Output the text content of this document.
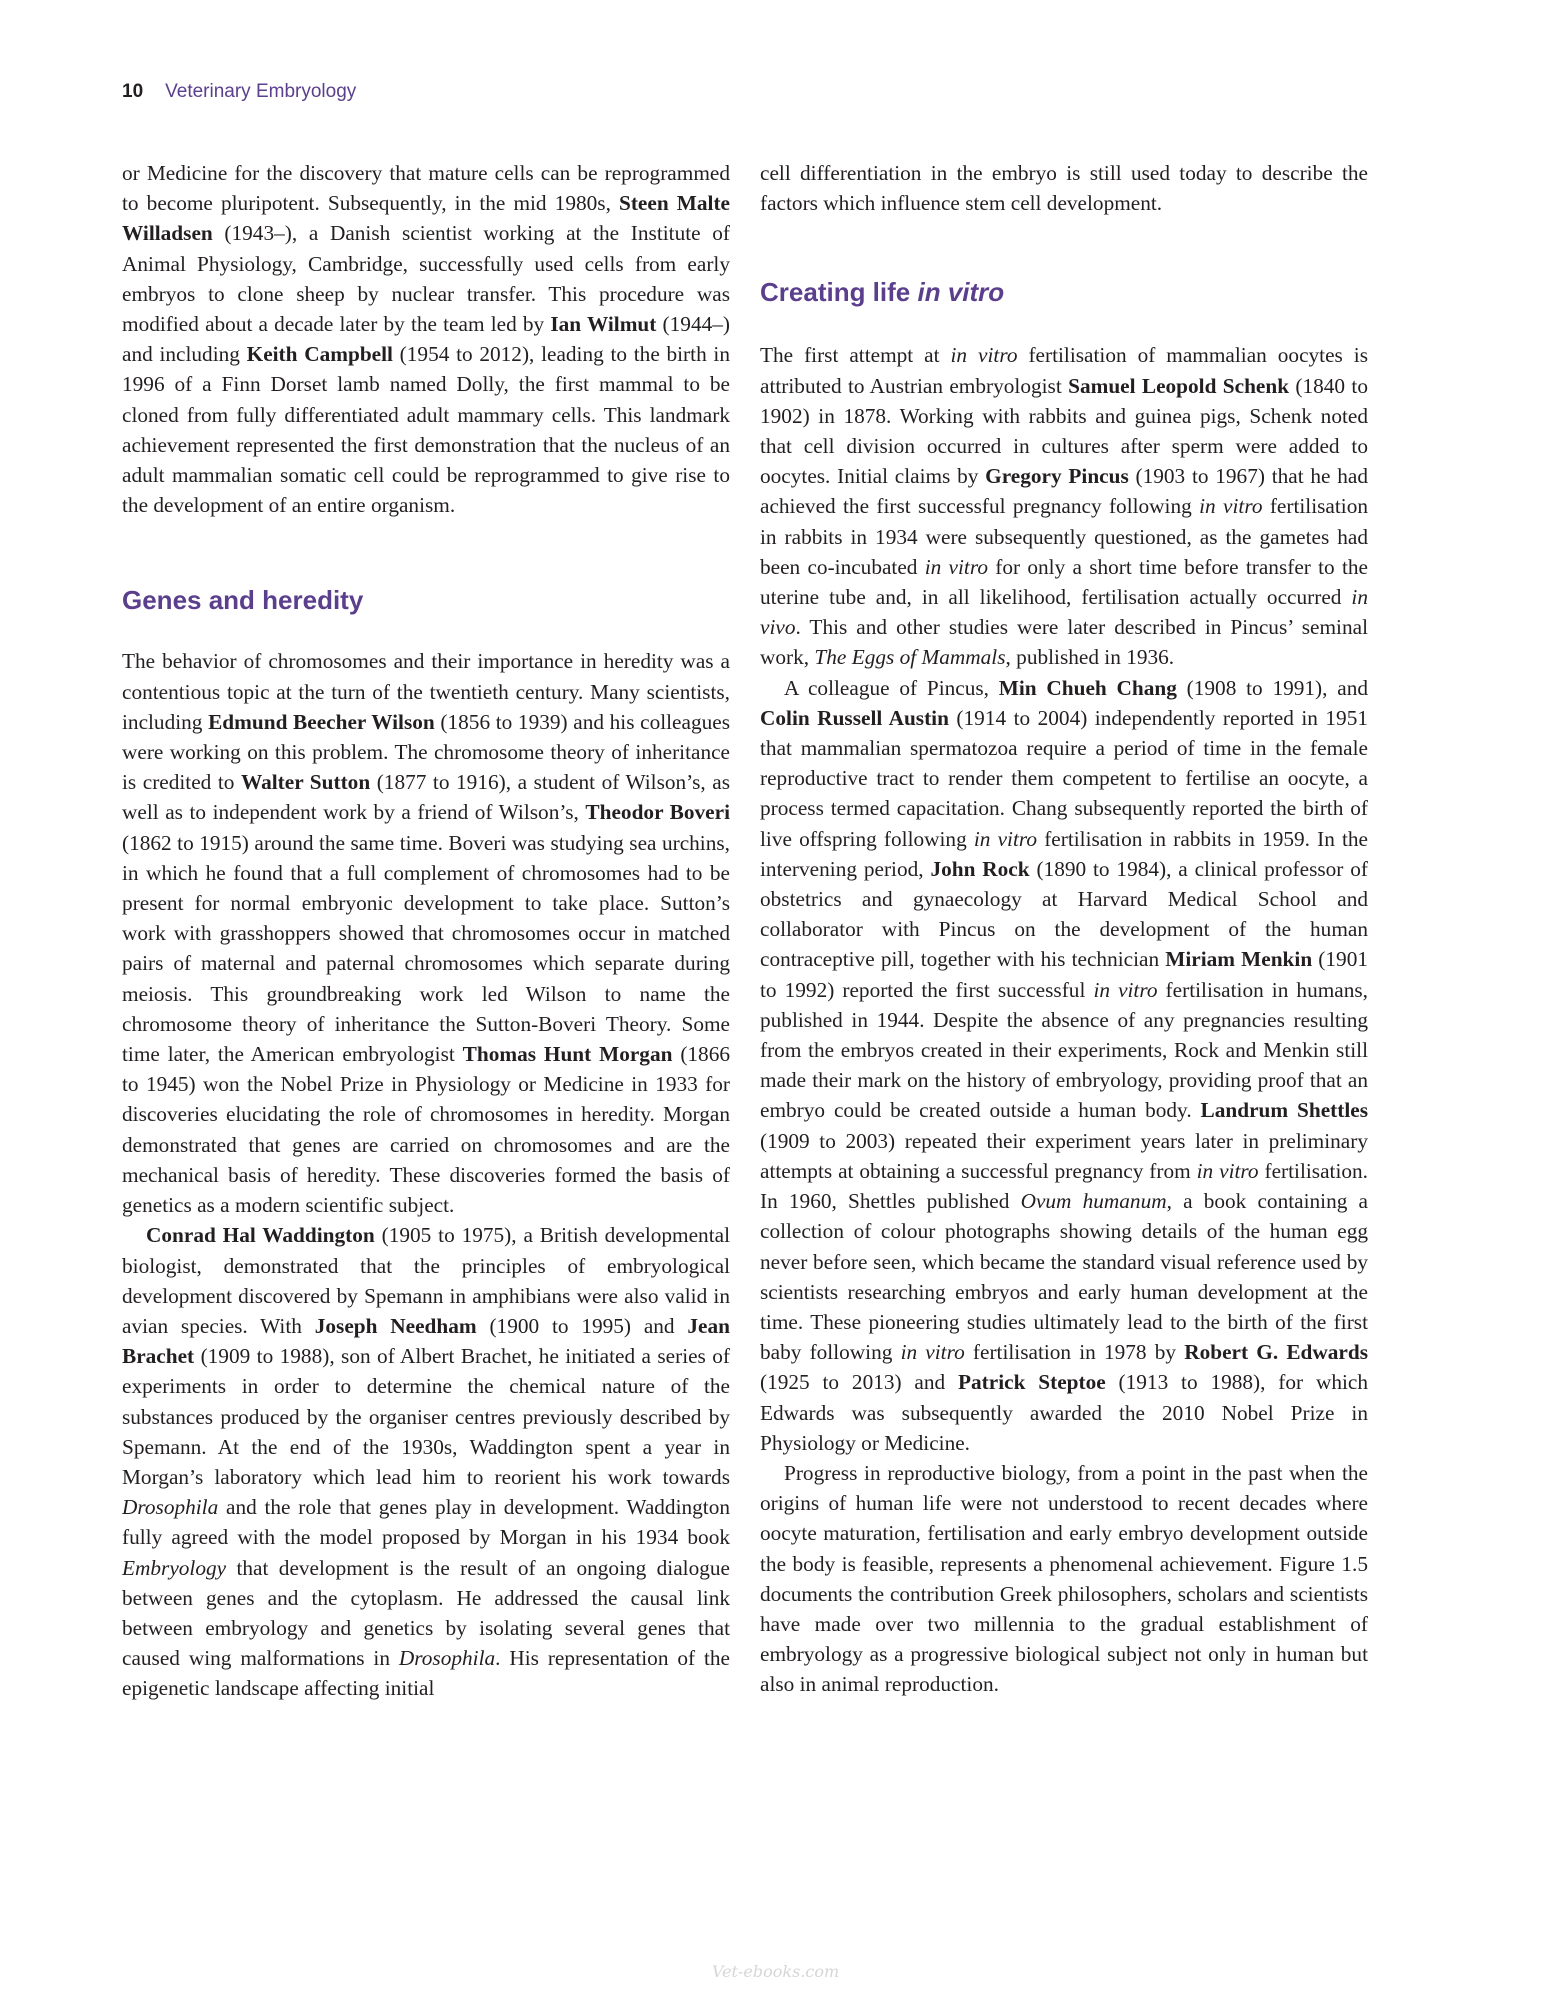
10 Veterinary Embryology

or Medicine for the discovery that mature cells can be reprogrammed to become pluripotent. Subsequently, in the mid 1980s, Steen Malte Willadsen (1943–), a Danish scientist working at the Institute of Animal Physiology, Cambridge, successfully used cells from early embryos to clone sheep by nuclear transfer. This procedure was modified about a decade later by the team led by Ian Wilmut (1944–) and including Keith Campbell (1954 to 2012), leading to the birth in 1996 of a Finn Dorset lamb named Dolly, the first mammal to be cloned from fully differentiated adult mammary cells. This landmark achievement represented the first demonstration that the nucleus of an adult mammalian somatic cell could be reprogrammed to give rise to the development of an entire organism.

Genes and heredity

The behavior of chromosomes and their importance in heredity was a contentious topic at the turn of the twentieth century. Many scientists, including Edmund Beecher Wilson (1856 to 1939) and his colleagues were working on this problem. The chromosome theory of inheritance is credited to Walter Sutton (1877 to 1916), a student of Wilson’s, as well as to independent work by a friend of Wilson’s, Theodor Boveri (1862 to 1915) around the same time. Boveri was studying sea urchins, in which he found that a full complement of chromosomes had to be present for normal embryonic development to take place. Sutton’s work with grasshoppers showed that chromosomes occur in matched pairs of maternal and paternal chromosomes which separate during meiosis. This groundbreaking work led Wilson to name the chromosome theory of inheritance the Sutton-Boveri Theory. Some time later, the American embryologist Thomas Hunt Morgan (1866 to 1945) won the Nobel Prize in Physiology or Medicine in 1933 for discoveries elucidating the role of chromosomes in heredity. Morgan demonstrated that genes are carried on chromosomes and are the mechanical basis of heredity. These discoveries formed the basis of genetics as a modern scientific subject.

Conrad Hal Waddington (1905 to 1975), a British developmental biologist, demonstrated that the principles of embryological development discovered by Spemann in amphibians were also valid in avian species. With Joseph Needham (1900 to 1995) and Jean Brachet (1909 to 1988), son of Albert Brachet, he initiated a series of experiments in order to determine the chemical nature of the substances produced by the organiser centres previously described by Spemann. At the end of the 1930s, Waddington spent a year in Morgan’s laboratory which lead him to reorient his work towards Drosophila and the role that genes play in development. Waddington fully agreed with the model proposed by Morgan in his 1934 book Embryology that development is the result of an ongoing dialogue between genes and the cytoplasm. He addressed the causal link between embryology and genetics by isolating several genes that caused wing malformations in Drosophila. His representation of the epigenetic landscape affecting initial

cell differentiation in the embryo is still used today to describe the factors which influence stem cell development.

Creating life in vitro

The first attempt at in vitro fertilisation of mammalian oocytes is attributed to Austrian embryologist Samuel Leopold Schenk (1840 to 1902) in 1878. Working with rabbits and guinea pigs, Schenk noted that cell division occurred in cultures after sperm were added to oocytes. Initial claims by Gregory Pincus (1903 to 1967) that he had achieved the first successful pregnancy following in vitro fertilisation in rabbits in 1934 were subsequently questioned, as the gametes had been co-incubated in vitro for only a short time before transfer to the uterine tube and, in all likelihood, fertilisation actually occurred in vivo. This and other studies were later described in Pincus’ seminal work, The Eggs of Mammals, published in 1936.

A colleague of Pincus, Min Chueh Chang (1908 to 1991), and Colin Russell Austin (1914 to 2004) independently reported in 1951 that mammalian spermatozoa require a period of time in the female reproductive tract to render them competent to fertilise an oocyte, a process termed capacitation. Chang subsequently reported the birth of live offspring following in vitro fertilisation in rabbits in 1959. In the intervening period, John Rock (1890 to 1984), a clinical professor of obstetrics and gynaecology at Harvard Medical School and collaborator with Pincus on the development of the human contraceptive pill, together with his technician Miriam Menkin (1901 to 1992) reported the first successful in vitro fertilisation in humans, published in 1944. Despite the absence of any pregnancies resulting from the embryos created in their experiments, Rock and Menkin still made their mark on the history of embryology, providing proof that an embryo could be created outside a human body. Landrum Shettles (1909 to 2003) repeated their experiment years later in preliminary attempts at obtaining a successful pregnancy from in vitro fertilisation. In 1960, Shettles published Ovum humanum, a book containing a collection of colour photographs showing details of the human egg never before seen, which became the standard visual reference used by scientists researching embryos and early human development at the time. These pioneering studies ultimately lead to the birth of the first baby following in vitro fertilisation in 1978 by Robert G. Edwards (1925 to 2013) and Patrick Steptoe (1913 to 1988), for which Edwards was subsequently awarded the 2010 Nobel Prize in Physiology or Medicine.

Progress in reproductive biology, from a point in the past when the origins of human life were not understood to recent decades where oocyte maturation, fertilisation and early embryo development outside the body is feasible, represents a phenomenal achievement. Figure 1.5 documents the contribution Greek philosophers, scholars and scientists have made over two millennia to the gradual establishment of embryology as a progressive biological subject not only in human but also in animal reproduction.

Vet-ebooks.com
